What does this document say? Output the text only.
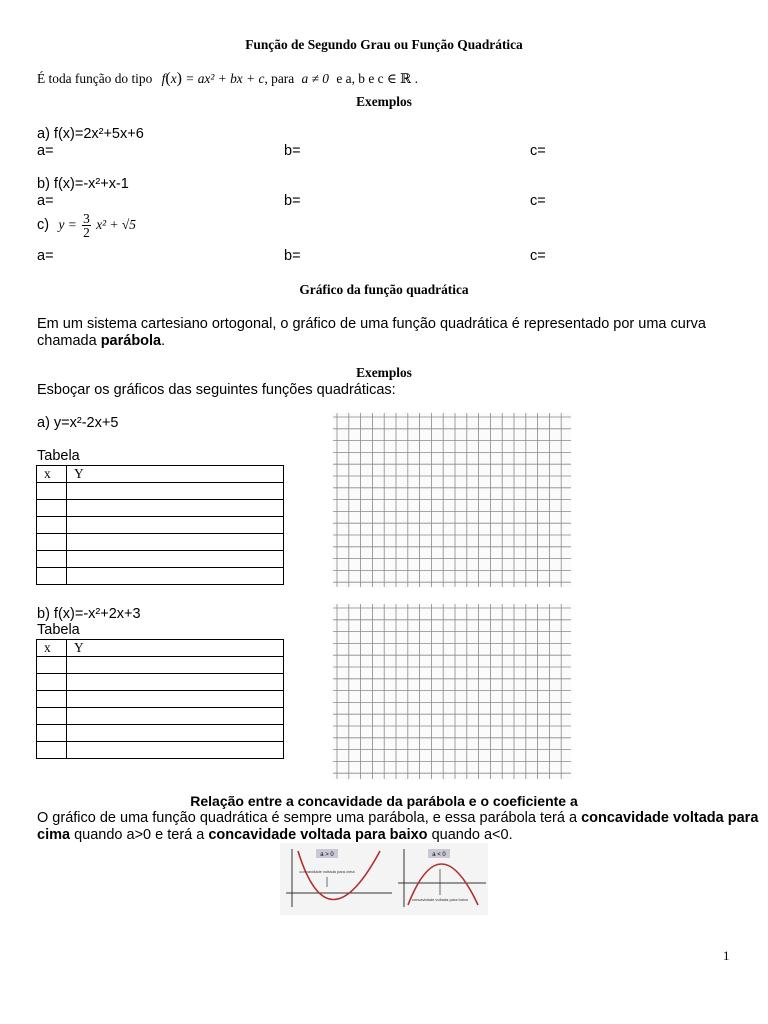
Função de Segundo Grau ou Função Quadrática
É toda função do tipo f(x) = ax² + bx + c, para a ≠ 0 e a, b e c ∈ ℝ .
Exemplos
a) f(x)=2x²+5x+6
a=	b=	c=
b) f(x)=-x²+x-1
a=	b=	c=
c) $y = \frac{3}{2} x^2 + √5$
a=	b=	c=
Gráfico da função quadrática
Em um sistema cartesiano ortogonal, o gráfico de uma função quadrática é representado por uma curva
chamada parábola.
Exemplos
Esboçar os gráficos das seguintes funções quadráticas:
a) y=x²-2x+5
Tabela
x	Y

b) f(x)=-x²+2x+3
Tabela
x	Y

Relação entre a concavidade da parábola e o coeficiente a
O gráfico de uma função quadrática é sempre uma parábola, e essa parábola terá a concavidade voltada para
cima quando a>0 e terá a concavidade voltada para baixo quando a<0.
a > 0
concavidade voltada para cima
a < 0
concavidade voltada para baixo
1
